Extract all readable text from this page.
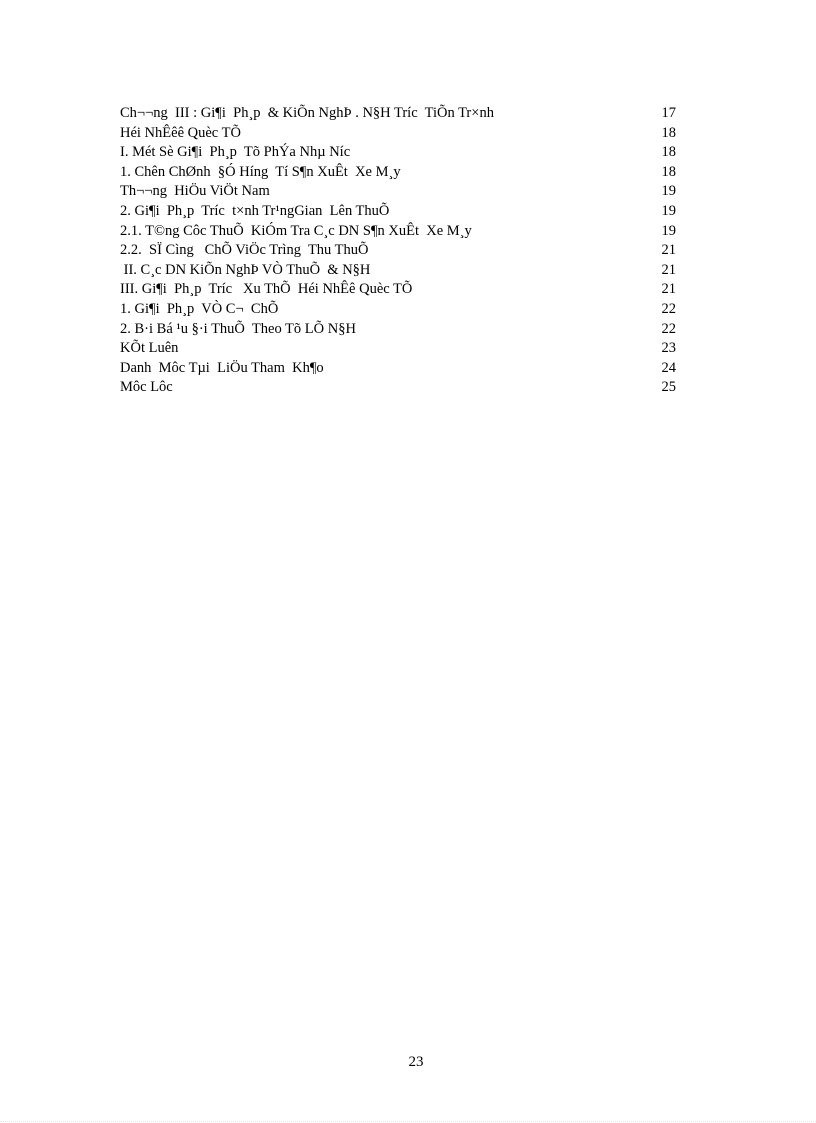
Ch¬¬ng  III : Gi¶i  Ph¸p  & KiÕn NghÞ . N§H Tríc  TiÕn Tr×nh	17
Héi NhÊêê Quèc TÕ	18
I. Mét Sè Gi¶i  Ph¸p  Tõ PhÝa Nhµ Níc	18
1. Chên ChØnh  §Ó Híng  Tí S¶n XuÊt  Xe M¸y	18
Th¬¬ng  HiÖu ViÖt Nam	19
2. Gi¶i  Ph¸p  Tríc  t×nh Tr¹ngGian  Lên ThuÕ	19
2.1. T©ng Côc ThuÕ  KiÓm Tra C¸c DN S¶n XuÊt  Xe M¸y	19
2.2.  SÏ Cìng   ChÕ ViÖc Trìng  Thu ThuÕ	21
II. C¸c DN KiÕn NghÞ VÒ ThuÕ  & N§H	21
III. Gi¶i  Ph¸p  Tríc   Xu ThÕ  Héi NhÊê Quèc TÕ	21
1. Gi¶i  Ph¸p  VÒ C¬  ChÕ	22
2. B·i Bá ¹u §·i ThuÕ  Theo Tõ LÕ N§H	22
KÕt Luên	23
Danh  Môc Tµi  LiÖu Tham  Kh¶o	24
Môc Lôc	25
23
